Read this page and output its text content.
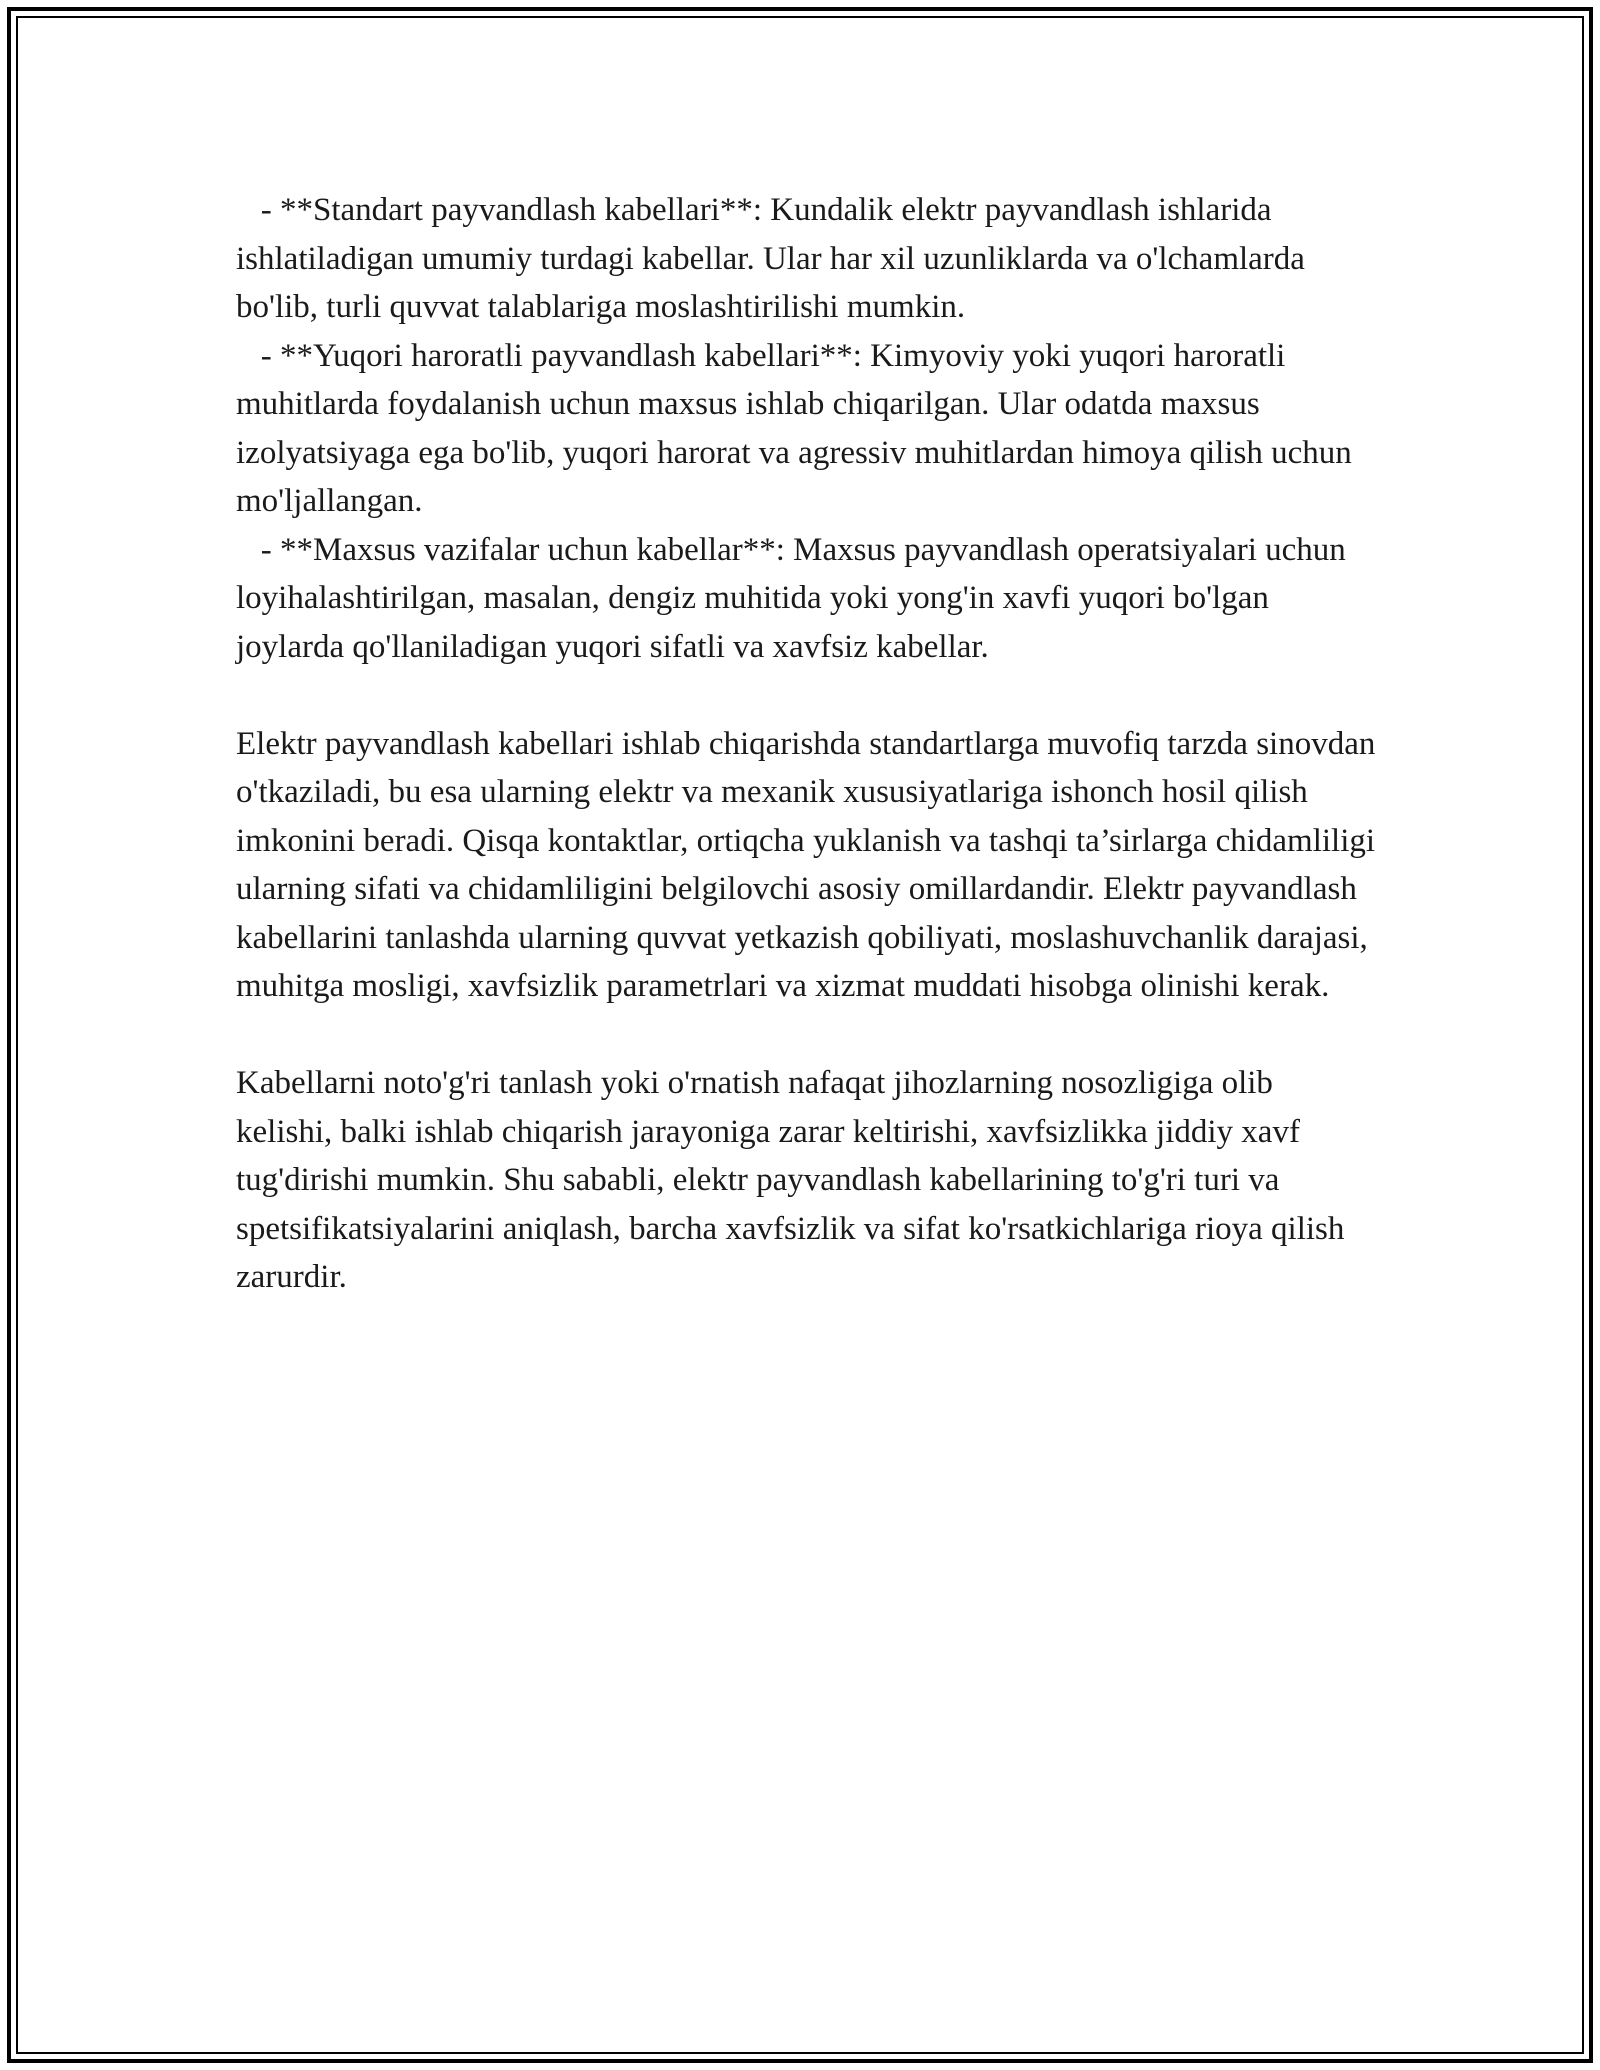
- **Standart payvandlash kabellari**: Kundalik elektr payvandlash ishlarida ishlatiladigan umumiy turdagi kabellar. Ular har xil uzunliklarda va o'lchamlarda bo'lib, turli quvvat talablariga moslashtirilishi mumkin.

- **Yuqori haroratli payvandlash kabellari**: Kimyoviy yoki yuqori haroratli muhitlarda foydalanish uchun maxsus ishlab chiqarilgan. Ular odatda maxsus izolyatsiyaga ega bo'lib, yuqori harorat va agressiv muhitlardan himoya qilish uchun mo'ljallangan.

- **Maxsus vazifalar uchun kabellar**: Maxsus payvandlash operatsiyalari uchun loyihalashtirilgan, masalan, dengiz muhitida yoki yong'in xavfi yuqori bo'lgan joylarda qo'llaniladigan yuqori sifatli va xavfsiz kabellar.

Elektr payvandlash kabellari ishlab chiqarishda standartlarga muvofiq tarzda sinovdan o'tkaziladi, bu esa ularning elektr va mexanik xususiyatlariga ishonch hosil qilish imkonini beradi. Qisqa kontaktlar, ortiqcha yuklanish va tashqi ta’sirlarga chidamliligi ularning sifati va chidamliligini belgilovchi asosiy omillardandir. Elektr payvandlash kabellarini tanlashda ularning quvvat yetkazish qobiliyati, moslashuvchanlik darajasi, muhitga mosligi, xavfsizlik parametrlari va xizmat muddati hisobga olinishi kerak.

Kabellarni noto'g'ri tanlash yoki o'rnatish nafaqat jihozlarning nosozligiga olib kelishi, balki ishlab chiqarish jarayoniga zarar keltirishi, xavfsizlikka jiddiy xavf tug'dirishi mumkin. Shu sababli, elektr payvandlash kabellarining to'g'ri turi va spetsifikatsiyalarini aniqlash, barcha xavfsizlik va sifat ko'rsatkichlariga rioya qilish zarurdir.
